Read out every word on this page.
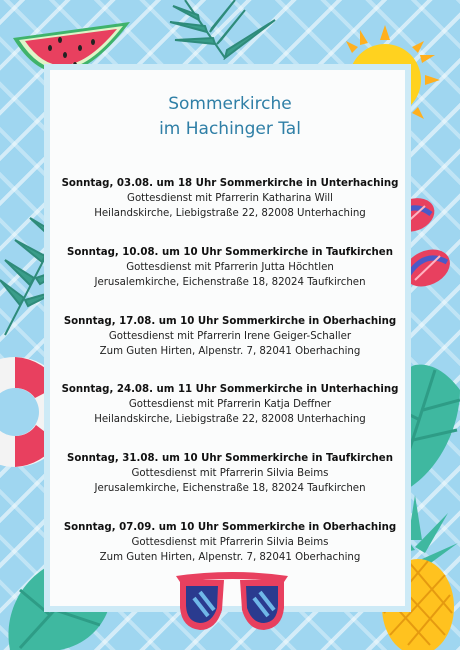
Sommerkirche
im Hachinger Tal
Sonntag, 03.08. um 18 Uhr Sommerkirche in Unterhaching
Gottesdienst mit Pfarrerin Katharina Will
Heilandskirche, Liebigstraße 22, 82008 Unterhaching
Sonntag, 10.08. um 10 Uhr Sommerkirche in Taufkirchen
Gottesdienst mit Pfarrerin Jutta Höchtlen
Jerusalemkirche, Eichenstraße 18, 82024 Taufkirchen
Sonntag, 17.08. um 10 Uhr Sommerkirche in Oberhaching
Gottesdienst mit Pfarrerin Irene Geiger-Schaller
Zum Guten Hirten, Alpenstr. 7, 82041 Oberhaching
Sonntag, 24.08. um 11 Uhr Sommerkirche in Unterhaching
Gottesdienst mit Pfarrerin Katja Deffner
Heilandskirche, Liebigstraße 22, 82008 Unterhaching
Sonntag, 31.08. um 10 Uhr Sommerkirche in Taufkirchen
Gottesdienst mit Pfarrerin Silvia Beims
Jerusalemkirche, Eichenstraße 18, 82024 Taufkirchen
Sonntag, 07.09. um 10 Uhr Sommerkirche in Oberhaching
Gottesdienst mit Pfarrerin Silvia Beims
Zum Guten Hirten, Alpenstr. 7, 82041 Oberhaching
